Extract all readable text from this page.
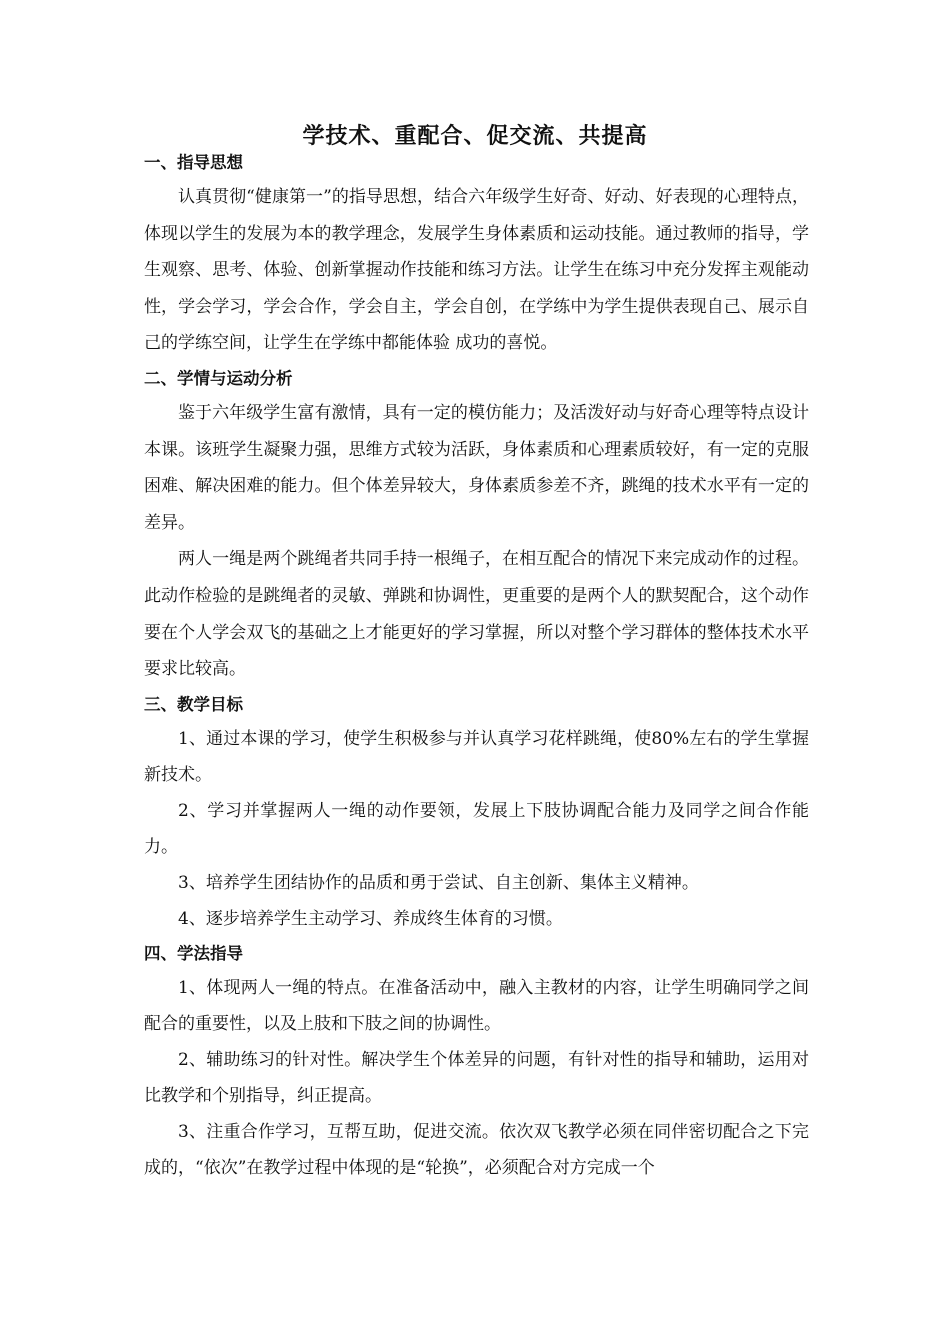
学技术、重配合、促交流、共提高
一、指导思想

认真贯彻“健康第一”的指导思想，结合六年级学生好奇、好动、好表现的心理特点，体现以学生的发展为本的教学理念，发展学生身体素质和运动技能。通过教师的指导，学生观察、思考、体验、创新掌握动作技能和练习方法。让学生在练习中充分发挥主观能动性，学会学习，学会合作，学会自主，学会自创，在学练中为学生提供表现自己、展示自己的学练空间，让学生在学练中都能体验 成功的喜悦。

二、学情与运动分析

鉴于六年级学生富有激情，具有一定的模仿能力；及活泼好动与好奇心理等特点设计本课。该班学生凝聚力强，思维方式较为活跃，身体素质和心理素质较好，有一定的克服困难、解决困难的能力。但个体差异较大，身体素质参差不齐，跳绳的技术水平有一定的差异。

两人一绳是两个跳绳者共同手持一根绳子，在相互配合的情况下来完成动作的过程。此动作检验的是跳绳者的灵敏、弹跳和协调性，更重要的是两个人的默契配合，这个动作要在个人学会双飞的基础之上才能更好的学习掌握，所以对整个学习群体的整体技术水平要求比较高。

三、教学目标

1、通过本课的学习，使学生积极参与并认真学习花样跳绳，使80%左右的学生掌握新技术。

2、学习并掌握两人一绳的动作要领，发展上下肢协调配合能力及同学之间合作能力。

3、培养学生团结协作的品质和勇于尝试、自主创新、集体主义精神。

4、逐步培养学生主动学习、养成终生体育的习惯。

四、学法指导

1、体现两人一绳的特点。在准备活动中，融入主教材的内容，让学生明确同学之间配合的重要性，以及上肢和下肢之间的协调性。

2、辅助练习的针对性。解决学生个体差异的问题，有针对性的指导和辅助，运用对比教学和个别指导，纠正提高。

3、注重合作学习，互帮互助，促进交流。依次双飞教学必须在同伴密切配合之下完成的，“依次”在教学过程中体现的是“轮换”，必须配合对方完成一个
